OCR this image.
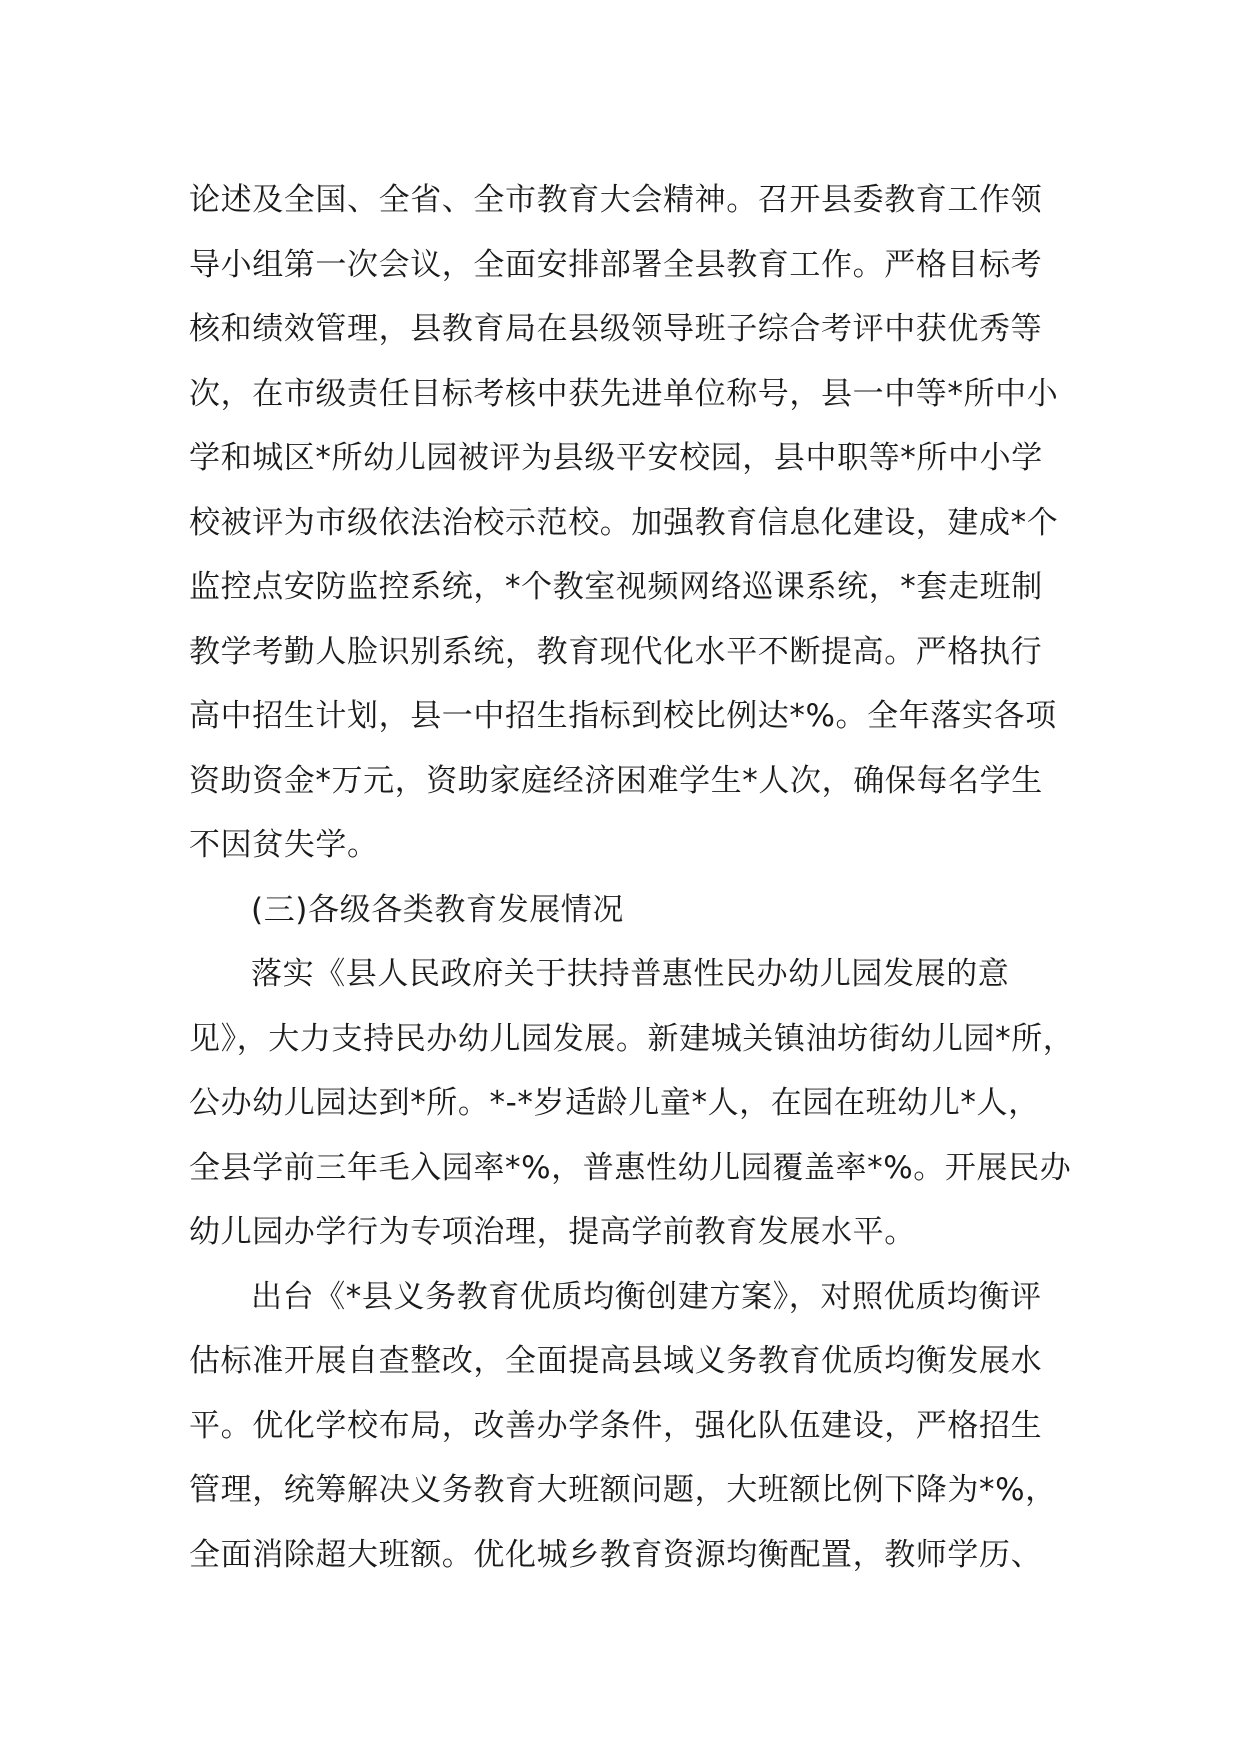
论述及全国、全省、全市教育大会精神。召开县委教育工作领
导小组第一次会议，全面安排部署全县教育工作。严格目标考
核和绩效管理，县教育局在县级领导班子综合考评中获优秀等
次，在市级责任目标考核中获先进单位称号，县一中等*所中小
学和城区*所幼儿园被评为县级平安校园，县中职等*所中小学
校被评为市级依法治校示范校。加强教育信息化建设，建成*个
监控点安防监控系统，*个教室视频网络巡课系统，*套走班制
教学考勤人脸识别系统，教育现代化水平不断提高。严格执行
高中招生计划，县一中招生指标到校比例达*%。全年落实各项
资助资金*万元，资助家庭经济困难学生*人次，确保每名学生
不因贫失学。
(三)各级各类教育发展情况
落实《县人民政府关于扶持普惠性民办幼儿园发展的意
见》，大力支持民办幼儿园发展。新建城关镇油坊街幼儿园*所，
公办幼儿园达到*所。*-*岁适龄儿童*人，在园在班幼儿*人，
全县学前三年毛入园率*%，普惠性幼儿园覆盖率*%。开展民办
幼儿园办学行为专项治理，提高学前教育发展水平。
出台《*县义务教育优质均衡创建方案》，对照优质均衡评
估标准开展自查整改，全面提高县域义务教育优质均衡发展水
平。优化学校布局，改善办学条件，强化队伍建设，严格招生
管理，统筹解决义务教育大班额问题，大班额比例下降为*%，
全面消除超大班额。优化城乡教育资源均衡配置，教师学历、
